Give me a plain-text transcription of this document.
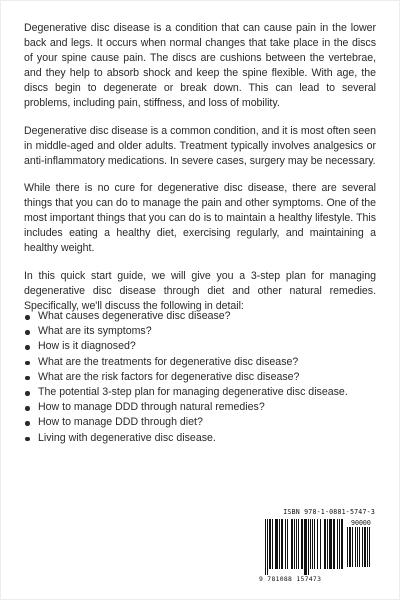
Degenerative disc disease is a condition that can cause pain in the lower back and legs. It occurs when normal changes that take place in the discs of your spine cause pain. The discs are cushions between the vertebrae, and they help to absorb shock and keep the spine flexible. With age, the discs begin to degenerate or break down. This can lead to several problems, including pain, stiffness, and loss of mobility.

Degenerative disc disease is a common condition, and it is most often seen in middle-aged and older adults. Treatment typically involves analgesics or anti-inflammatory medications. In severe cases, surgery may be necessary.

While there is no cure for degenerative disc disease, there are several things that you can do to manage the pain and other symptoms. One of the most important things that you can do is to maintain a healthy lifestyle. This includes eating a healthy diet, exercising regularly, and maintaining a healthy weight.

In this quick start guide, we will give you a 3-step plan for managing degenerative disc disease through diet and other natural remedies. Specifically, we'll discuss the following in detail:

What causes degenerative disc disease?
What are its symptoms?
How is it diagnosed?
What are the treatments for degenerative disc disease?
What are the risk factors for degenerative disc disease?
The potential 3-step plan for managing degenerative disc disease.
How to manage DDD through natural remedies?
How to manage DDD through diet?
Living with degenerative disc disease.
ISBN 978-1-0881-5747-3
90000
9 781088 157473
